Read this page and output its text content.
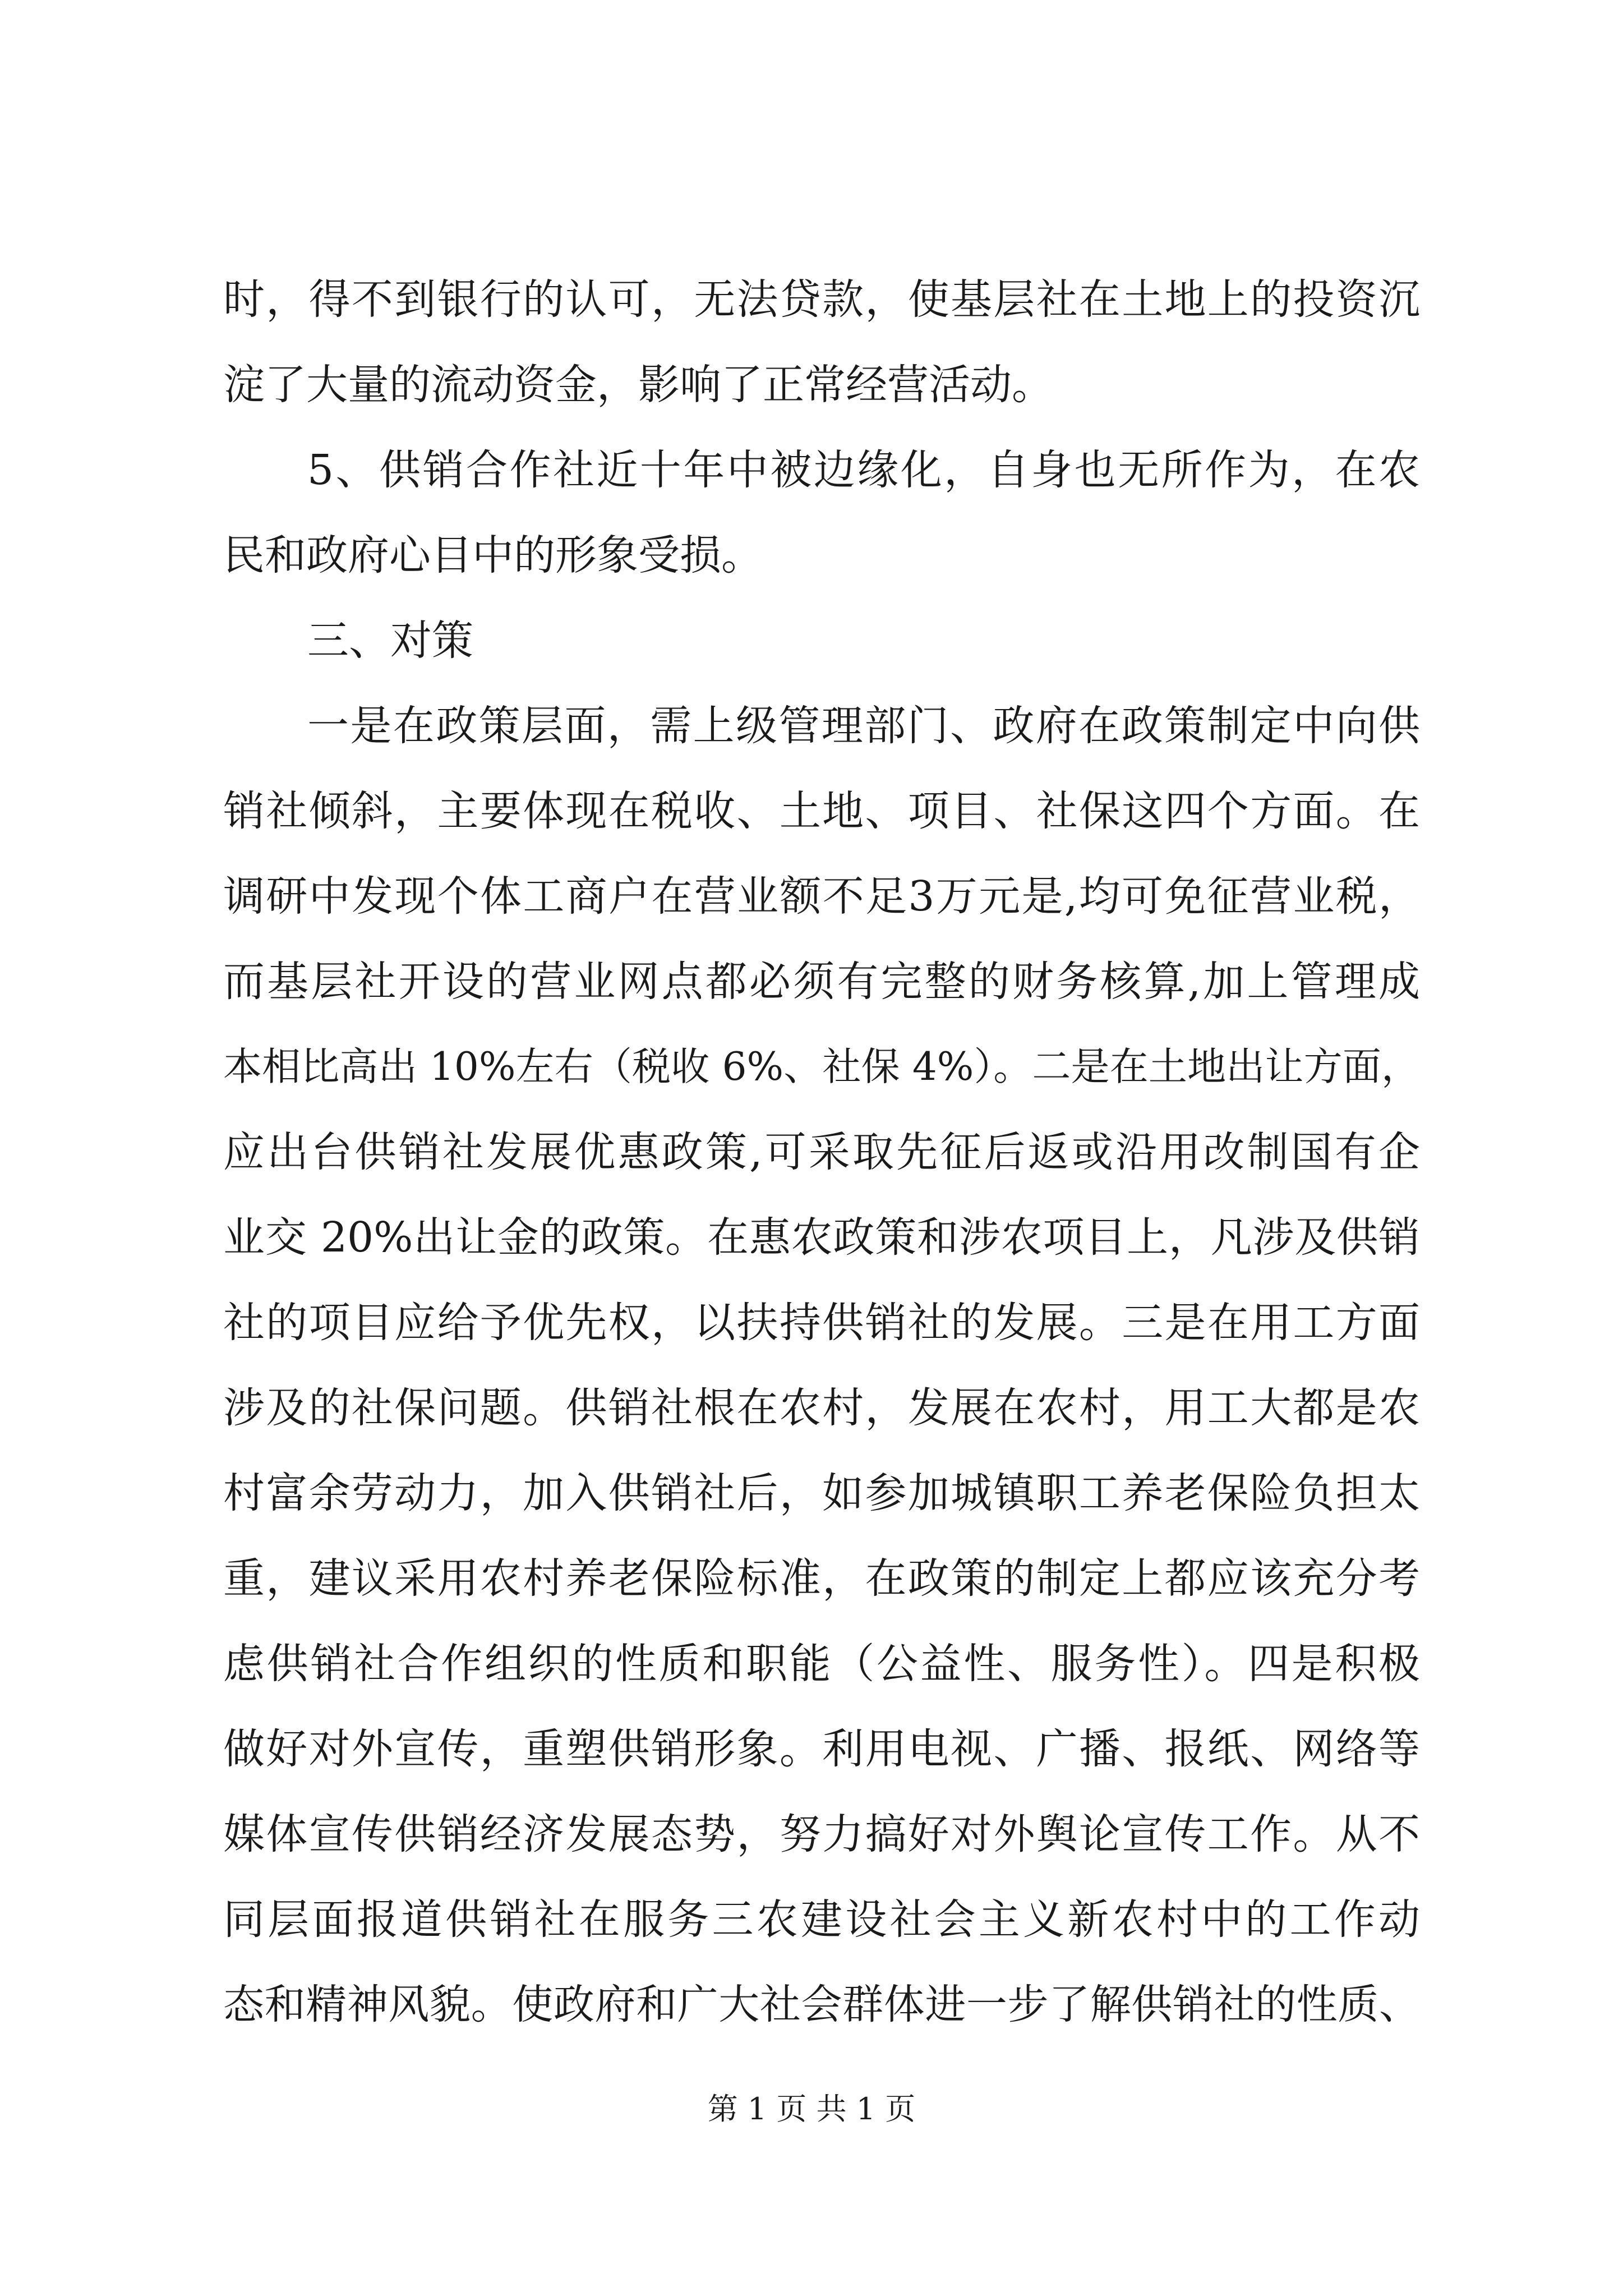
时，得不到银行的认可，无法贷款，使基层社在土地上的投资沉
淀了大量的流动资金，影响了正常经营活动。
5、供销合作社近十年中被边缘化，自身也无所作为，在农
民和政府心目中的形象受损。
三、对策
一是在政策层面，需上级管理部门、政府在政策制定中向供
销社倾斜，主要体现在税收、土地、项目、社保这四个方面。在
调研中发现个体工商户在营业额不足3万元是,均可免征营业税，
而基层社开设的营业网点都必须有完整的财务核算,加上管理成
本相比高出 10%左右（税收 6%、社保 4%）。二是在土地出让方面，
应出台供销社发展优惠政策,可采取先征后返或沿用改制国有企
业交 20%出让金的政策。在惠农政策和涉农项目上，凡涉及供销
社的项目应给予优先权，以扶持供销社的发展。三是在用工方面
涉及的社保问题。供销社根在农村，发展在农村，用工大都是农
村富余劳动力，加入供销社后，如参加城镇职工养老保险负担太
重，建议采用农村养老保险标准，在政策的制定上都应该充分考
虑供销社合作组织的性质和职能（公益性、服务性）。四是积极
做好对外宣传，重塑供销形象。利用电视、广播、报纸、网络等
媒体宣传供销经济发展态势，努力搞好对外舆论宣传工作。从不
同层面报道供销社在服务三农建设社会主义新农村中的工作动
态和精神风貌。使政府和广大社会群体进一步了解供销社的性质、
第 1 页 共 1 页
